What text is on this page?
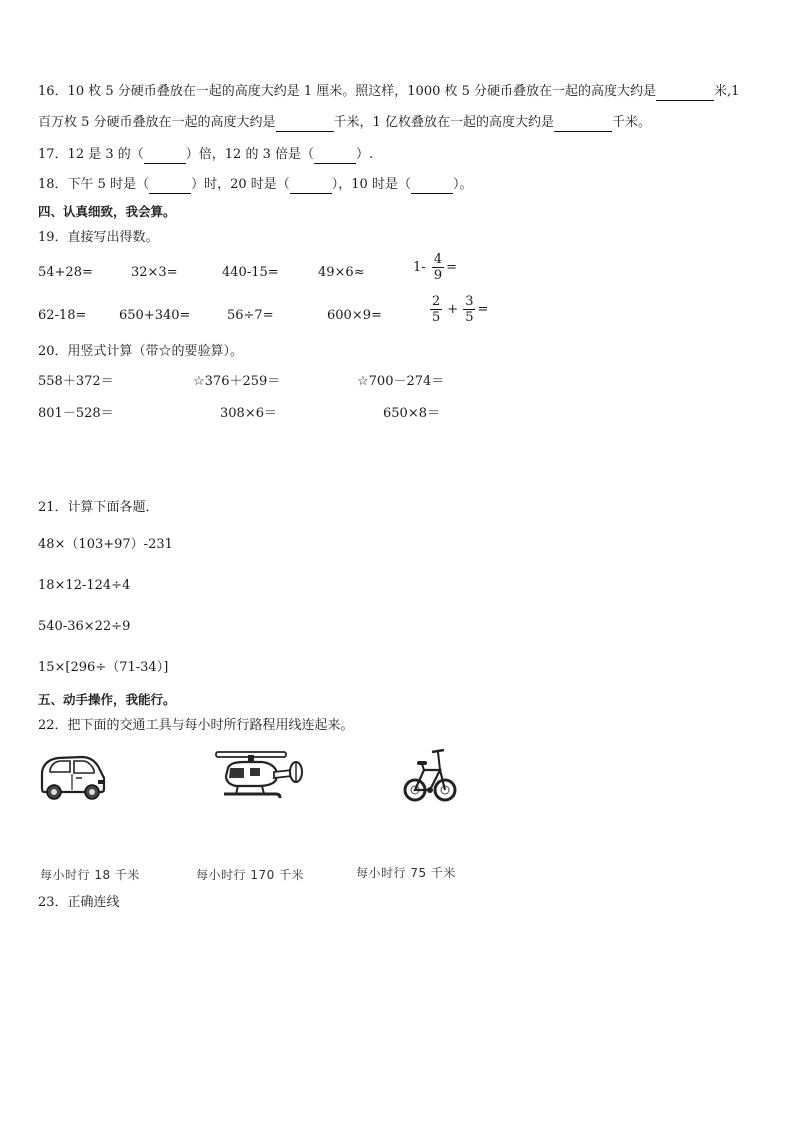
16．10 枚 5 分硬币叠放在一起的高度大约是 1 厘米。照这样，1000 枚 5 分硬币叠放在一起的高度大约是	米,1
百万枚 5 分硬币叠放在一起的高度大约是	千米，1 亿枚叠放在一起的高度大约是	千米。
17．12 是 3 的（	）倍，12 的 3 倍是（	）.
18．下午 5 时是（	）时，20 时是（	），10 时是（	）。
四、认真细致，我会算。
19．直接写出得数。
54+28=	32×3=	440-15=	49×6≈	$1- \frac{4}{9}$ =
62-18=	650+340=	56÷7=	600×9=	$\frac{2}{5} + \frac{3}{5}$ =
20．用竖式计算（带☆的要验算）。
558＋372＝	☆376＋259＝	☆700－274＝
801－528＝	308×6＝	650×8＝
21．计算下面各题．
48×（103+97）-231
18×12-124÷4
540-36×22÷9
15×[296÷（71-34）]
五、动手操作，我能行。
22．把下面的交通工具与每小时所行路程用线连起来。
每小时行 18 千米	每小时行 170 千米	每小时行 75 千米
23．正确连线
